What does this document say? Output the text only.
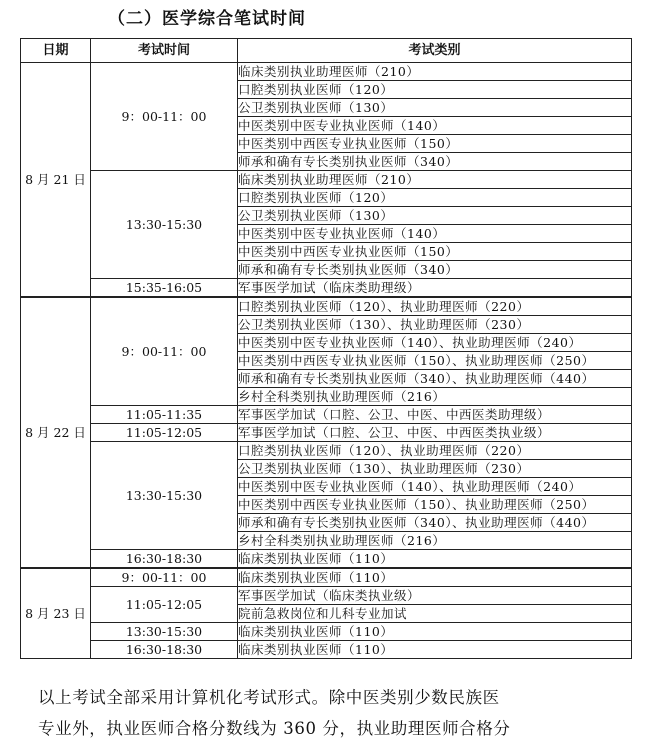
（二）医学综合笔试时间
日期	考试时间	考试类别
8 月 21 日	9：00-11：00	临床类别执业助理医师（210）
		口腔类别执业医师（120）
		公卫类别执业医师（130）
		中医类别中医专业执业医师（140）
		中医类别中西医专业执业医师（150）
		师承和确有专长类别执业医师（340）
	13:30-15:30	临床类别执业助理医师（210）
		口腔类别执业医师（120）
		公卫类别执业医师（130）
		中医类别中医专业执业医师（140）
		中医类别中西医专业执业医师（150）
		师承和确有专长类别执业医师（340）
	15:35-16:05	军事医学加试（临床类助理级）
8 月 22 日	9：00-11：00	口腔类别执业医师（120）、执业助理医师（220）
		公卫类别执业医师（130）、执业助理医师（230）
		中医类别中医专业执业医师（140）、执业助理医师（240）
		中医类别中西医专业执业医师（150）、执业助理医师（250）
		师承和确有专长类别执业医师（340）、执业助理医师（440）
		乡村全科类别执业助理医师（216）
	11:05-11:35	军事医学加试（口腔、公卫、中医、中西医类助理级）
	11:05-12:05	军事医学加试（口腔、公卫、中医、中西医类执业级）
	13:30-15:30	口腔类别执业医师（120）、执业助理医师（220）
		公卫类别执业医师（130）、执业助理医师（230）
		中医类别中医专业执业医师（140）、执业助理医师（240）
		中医类别中西医专业执业医师（150）、执业助理医师（250）
		师承和确有专长类别执业医师（340）、执业助理医师（440）
		乡村全科类别执业助理医师（216）
	16:30-18:30	临床类别执业医师（110）
8 月 23 日	9：00-11：00	临床类别执业医师（110）
	11:05-12:05	军事医学加试（临床类执业级）
		院前急救岗位和儿科专业加试
	13:30-15:30	临床类别执业医师（110）
	16:30-18:30	临床类别执业医师（110）
以上考试全部采用计算机化考试形式。除中医类别少数民族医
专业外，执业医师合格分数线为 360 分，执业助理医师合格分
